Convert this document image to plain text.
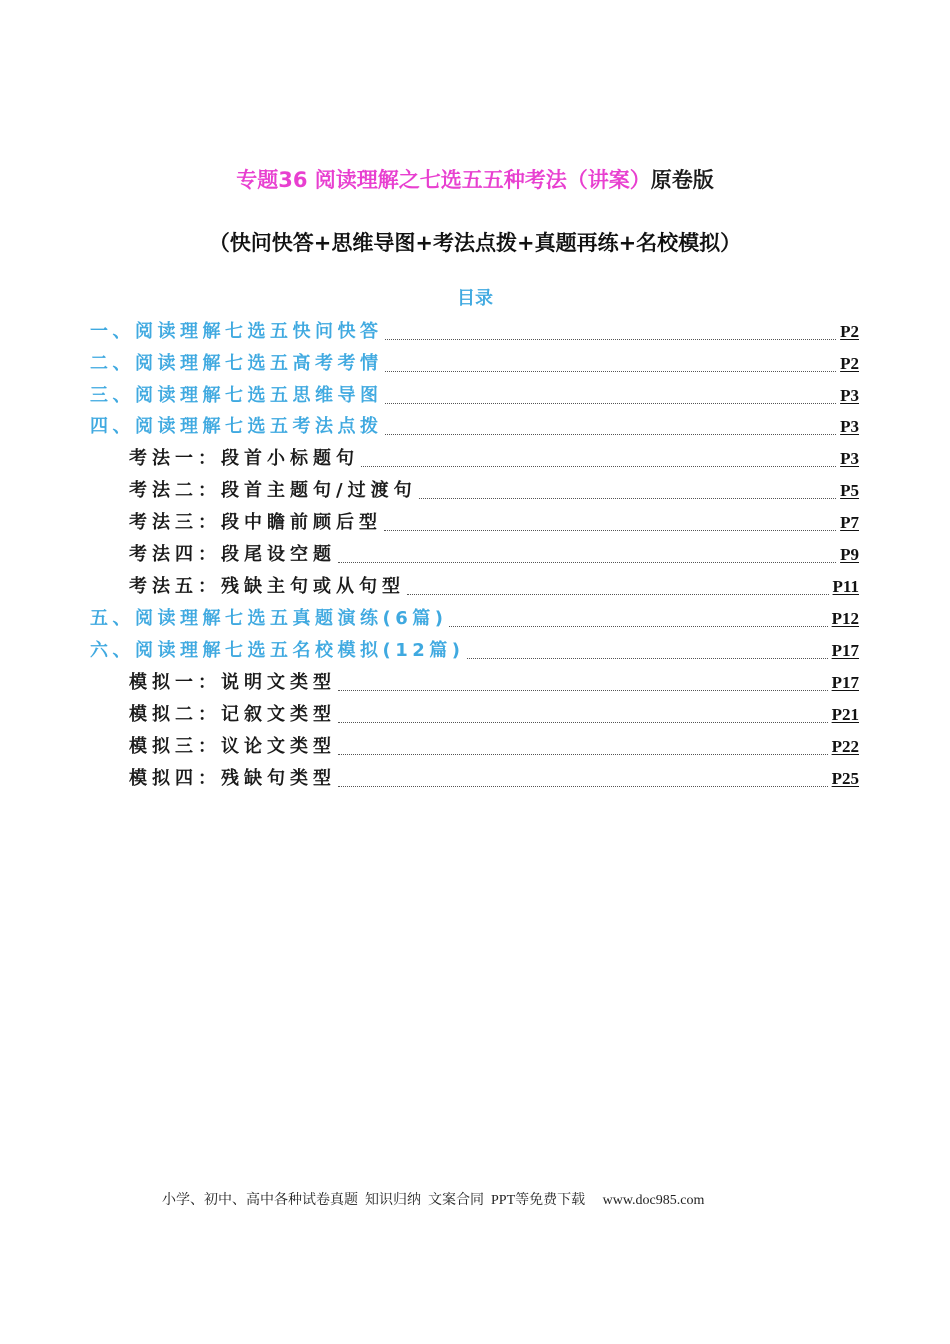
专题36 阅读理解之七选五五种考法（讲案）原卷版
（快问快答+思维导图+考法点拨+真题再练+名校模拟）
目录
一、阅读理解七选五快问快答	P2
二、阅读理解七选五高考考情	P2
三、阅读理解七选五思维导图	P3
四、阅读理解七选五考法点拨	P3
考法一：段首小标题句	P3
考法二：段首主题句/过渡句	P5
考法三：段中瞻前顾后型	P7
考法四：段尾设空题	P9
考法五：残缺主句或从句型	P11
五、阅读理解七选五真题演练(6篇)	P12
六、阅读理解七选五名校模拟(12篇)	P17
模拟一：说明文类型	P17
模拟二：记叙文类型	P21
模拟三：议论文类型	P22
模拟四：残缺句类型	P25
小学、初中、高中各种试卷真题  知识归纳  文案合同  PPT等免费下载     www.doc985.com
